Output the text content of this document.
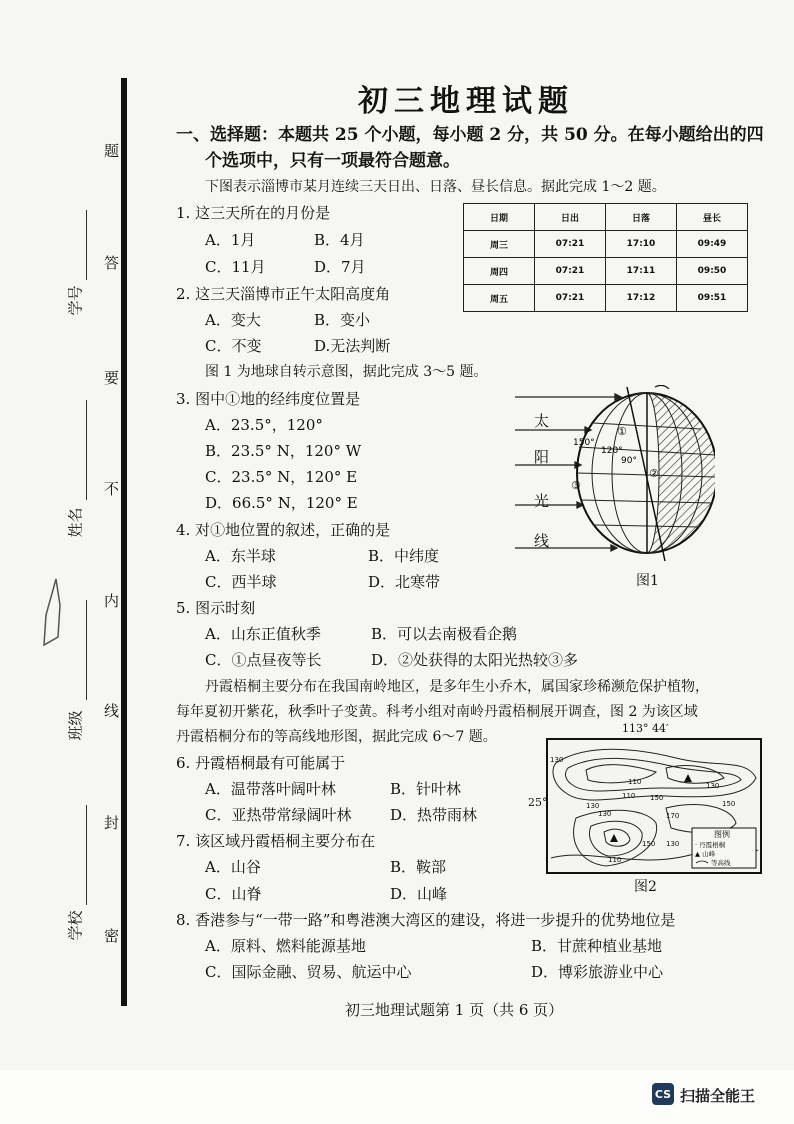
题
答
要
不
内
线
封
密
学号
姓名
班级
学校
初三地理试题
一、选择题：本题共 25 个小题，每小题 2 分，共 50 分。在每小题给出的四
个选项中，只有一项最符合题意。
下图表示淄博市某月连续三天日出、日落、昼长信息。据此完成 1～2 题。
日期	日出	日落	昼长
周三	07:21	17:10	09:49
周四	07:21	17:11	09:50
周五	07:21	17:12	09:51
1. 这三天所在的月份是
A．1月	B．4月
C．11月	D．7月
2. 这三天淄博市正午太阳高度角
A．变大	B．变小
C．不变	D.无法判断
图 1 为地球自转示意图，据此完成 3～5 题。
3. 图中①地的经纬度位置是
A．23.5°，120°
B．23.5° N，120° W
C．23.5° N，120° E
D．66.5° N，120° E
4. 对①地位置的叙述，正确的是
A．东半球	B．中纬度
C．西半球	D．北寒带
150°
120°
90°
①
②
③
太
阳
光
线
图1
5. 图示时刻
A．山东正值秋季	B．可以去南极看企鹅
C．①点昼夜等长	D．②处获得的太阳光热较③多
丹霞梧桐主要分布在我国南岭地区，是多年生小乔木，属国家珍稀濒危保护植物，
每年夏初开紫花，秋季叶子变黄。科考小组对南岭丹霞梧桐展开调查，图 2 为该区域
丹霞梧桐分布的等高线地形图，据此完成 6～7 题。
113° 44′
25°
130
110	130
150
110
130	170
130
150
110
130
150
图例
· 丹霞梧桐
▲ 山峰
等高线
图2
6. 丹霞梧桐最有可能属于
A．温带落叶阔叶林	B．针叶林
C．亚热带常绿阔叶林	D．热带雨林
7. 该区域丹霞梧桐主要分布在
A．山谷	B．鞍部
C．山脊	D．山峰
8. 香港参与“一带一路”和粤港澳大湾区的建设，将进一步提升的优势地位是
A．原料、燃料能源基地	B．甘蔗种植业基地
C．国际金融、贸易、航运中心	D．博彩旅游业中心
初三地理试题第 1 页（共 6 页）
CS 扫描全能王
